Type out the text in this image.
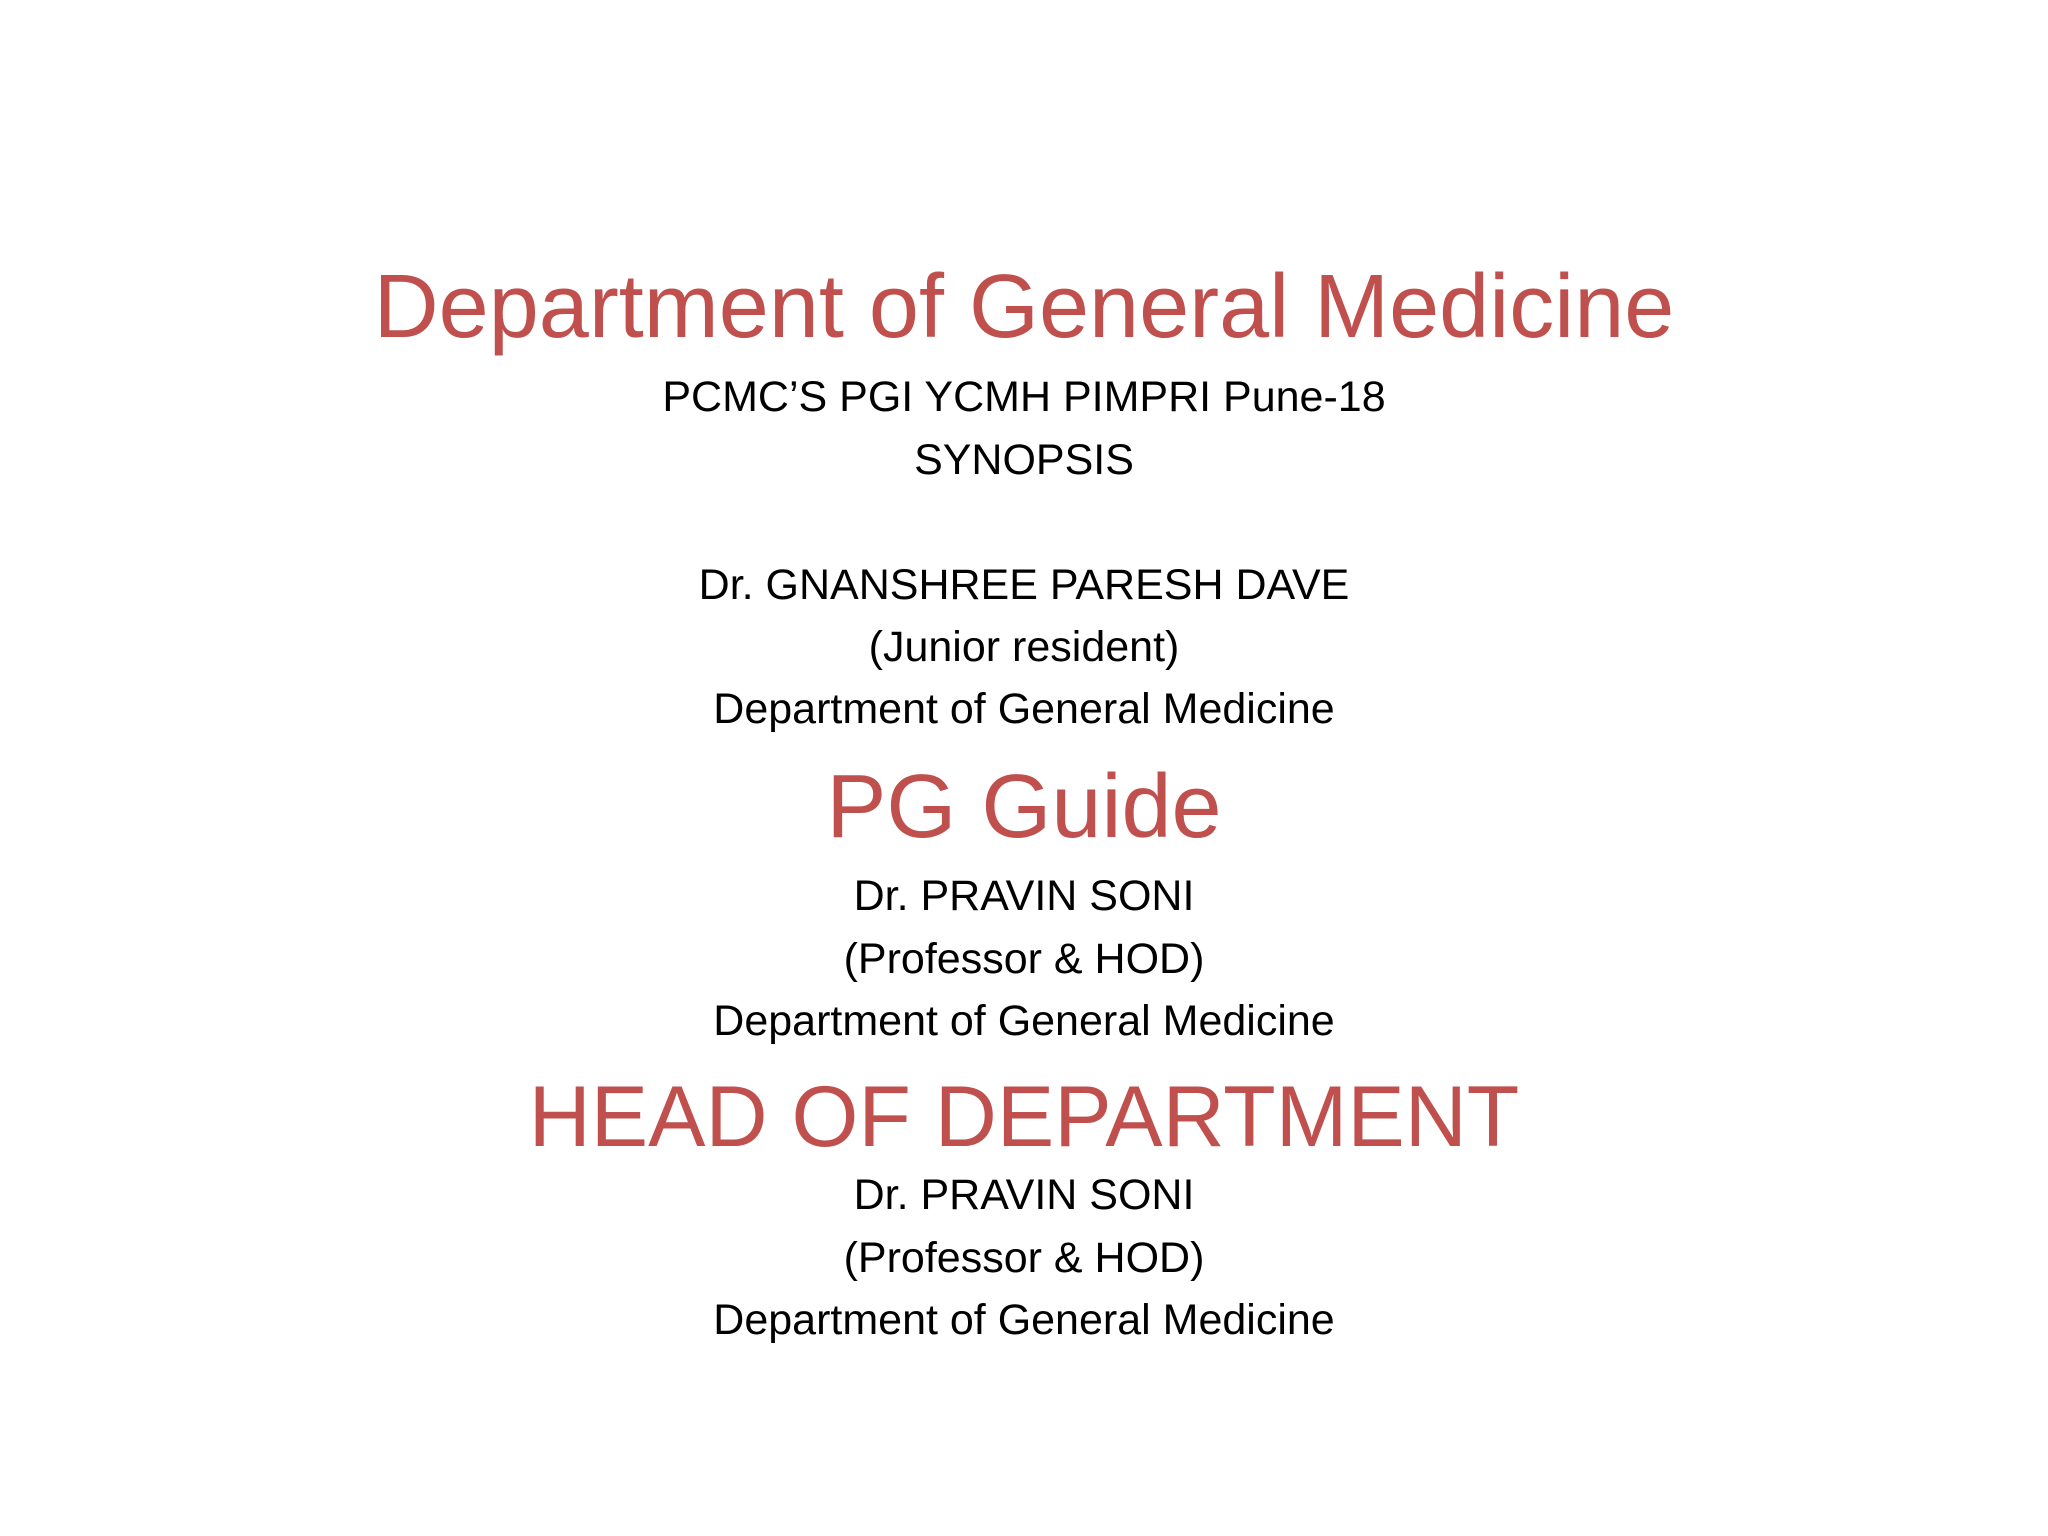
Department of General Medicine
PCMC’S PGI YCMH PIMPRI Pune-18
SYNOPSIS
Dr. GNANSHREE PARESH DAVE
(Junior resident)
Department of General Medicine
PG Guide
Dr. PRAVIN SONI
(Professor & HOD)
Department of General Medicine
HEAD OF DEPARTMENT
Dr. PRAVIN SONI
(Professor & HOD)
Department of General Medicine
